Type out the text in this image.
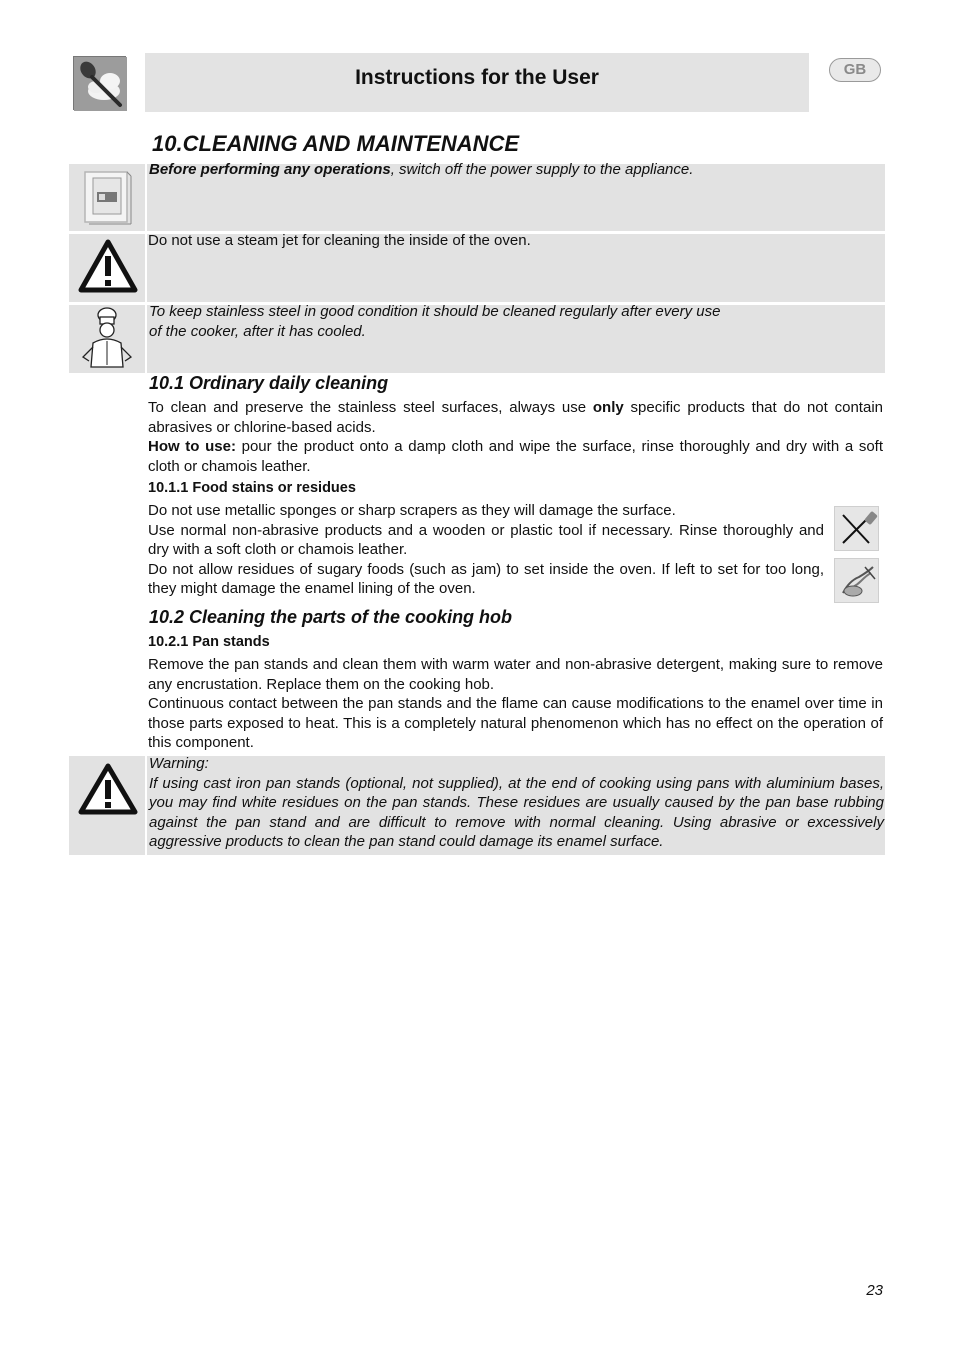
Instructions for the User	GB
10.CLEANING AND MAINTENANCE
Before performing any operations, switch off the power supply to the appliance.
Do not use a steam jet for cleaning the inside of the oven.
To keep stainless steel in good condition it should be cleaned regularly after every use
of the cooker, after it has cooled.
10.1 Ordinary daily cleaning

To clean and preserve the stainless steel surfaces, always use only specific products that do not contain abrasives or chlorine-based acids.

How to use: pour the product onto a damp cloth and wipe the surface, rinse thoroughly and dry with a soft cloth or chamois leather.

10.1.1 Food stains or residues

Do not use metallic sponges or sharp scrapers as they will damage the surface.

Use normal non-abrasive products and a wooden or plastic tool if necessary. Rinse thoroughly and dry with a soft cloth or chamois leather.

Do not allow residues of sugary foods (such as jam) to set inside the oven. If left to set for too long, they might damage the enamel lining of the oven.

10.2 Cleaning the parts of the cooking hob
10.2.1 Pan stands

Remove the pan stands and clean them with warm water and non-abrasive detergent, making sure to remove any encrustation. Replace them on the cooking hob.

Continuous contact between the pan stands and the flame can cause modifications to the enamel over time in those parts exposed to heat. This is a completely natural phenomenon which has no effect on the operation of this component.

Warning:
If using cast iron pan stands (optional, not supplied), at the end of cooking using pans with aluminium bases, you may find white residues on the pan stands. These residues are usually caused by the pan base rubbing against the pan stand and are difficult to remove with normal cleaning. Using abrasive or excessively aggressive products to clean the pan stand could damage its enamel surface.
23
